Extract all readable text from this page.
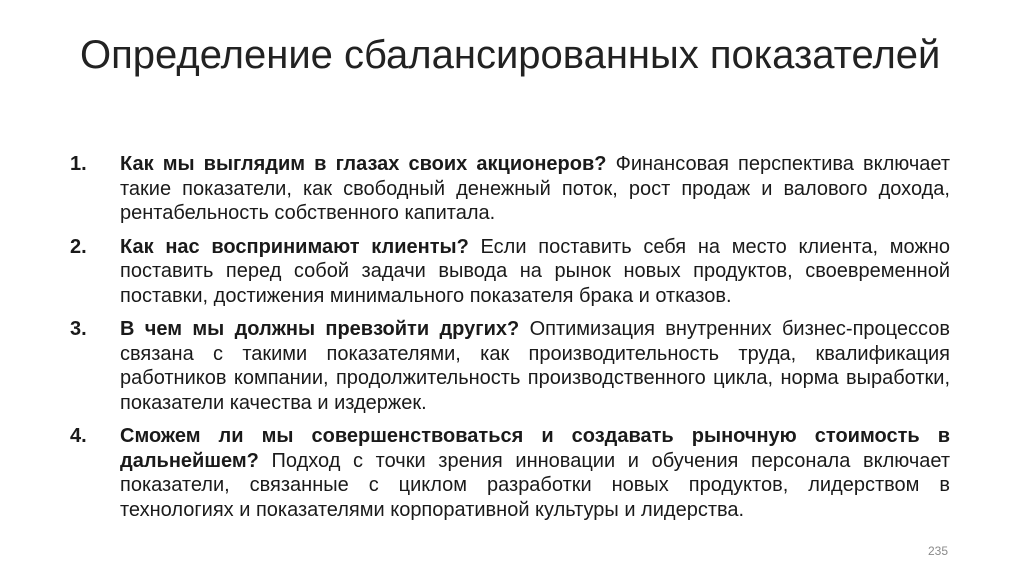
Определение сбалансированных показателей
1.	Как мы выглядим в глазах своих акционеров? Финансовая перспектива включает такие показатели, как свободный денежный поток, рост продаж и валового дохода, рентабельность собственного капитала.
2.	Как нас воспринимают клиенты? Если поставить себя на место клиента, можно поставить перед собой задачи вывода на рынок новых продуктов, своевременной поставки, достижения минимального показателя брака и отказов.
3.	В чем мы должны превзойти других? Оптимизация внутренних бизнес-процессов связана с такими показателями, как производительность труда, квалификация работников компании, продолжительность производственного цикла, норма выработки, показатели качества и издержек.
4.	Сможем ли мы совершенствоваться и создавать рыночную стоимость в дальнейшем? Подход с точки зрения инновации и обучения персонала включает показатели, связанные с циклом разработки новых продуктов, лидерством в технологиях и показателями корпоративной культуры и лидерства.
235
